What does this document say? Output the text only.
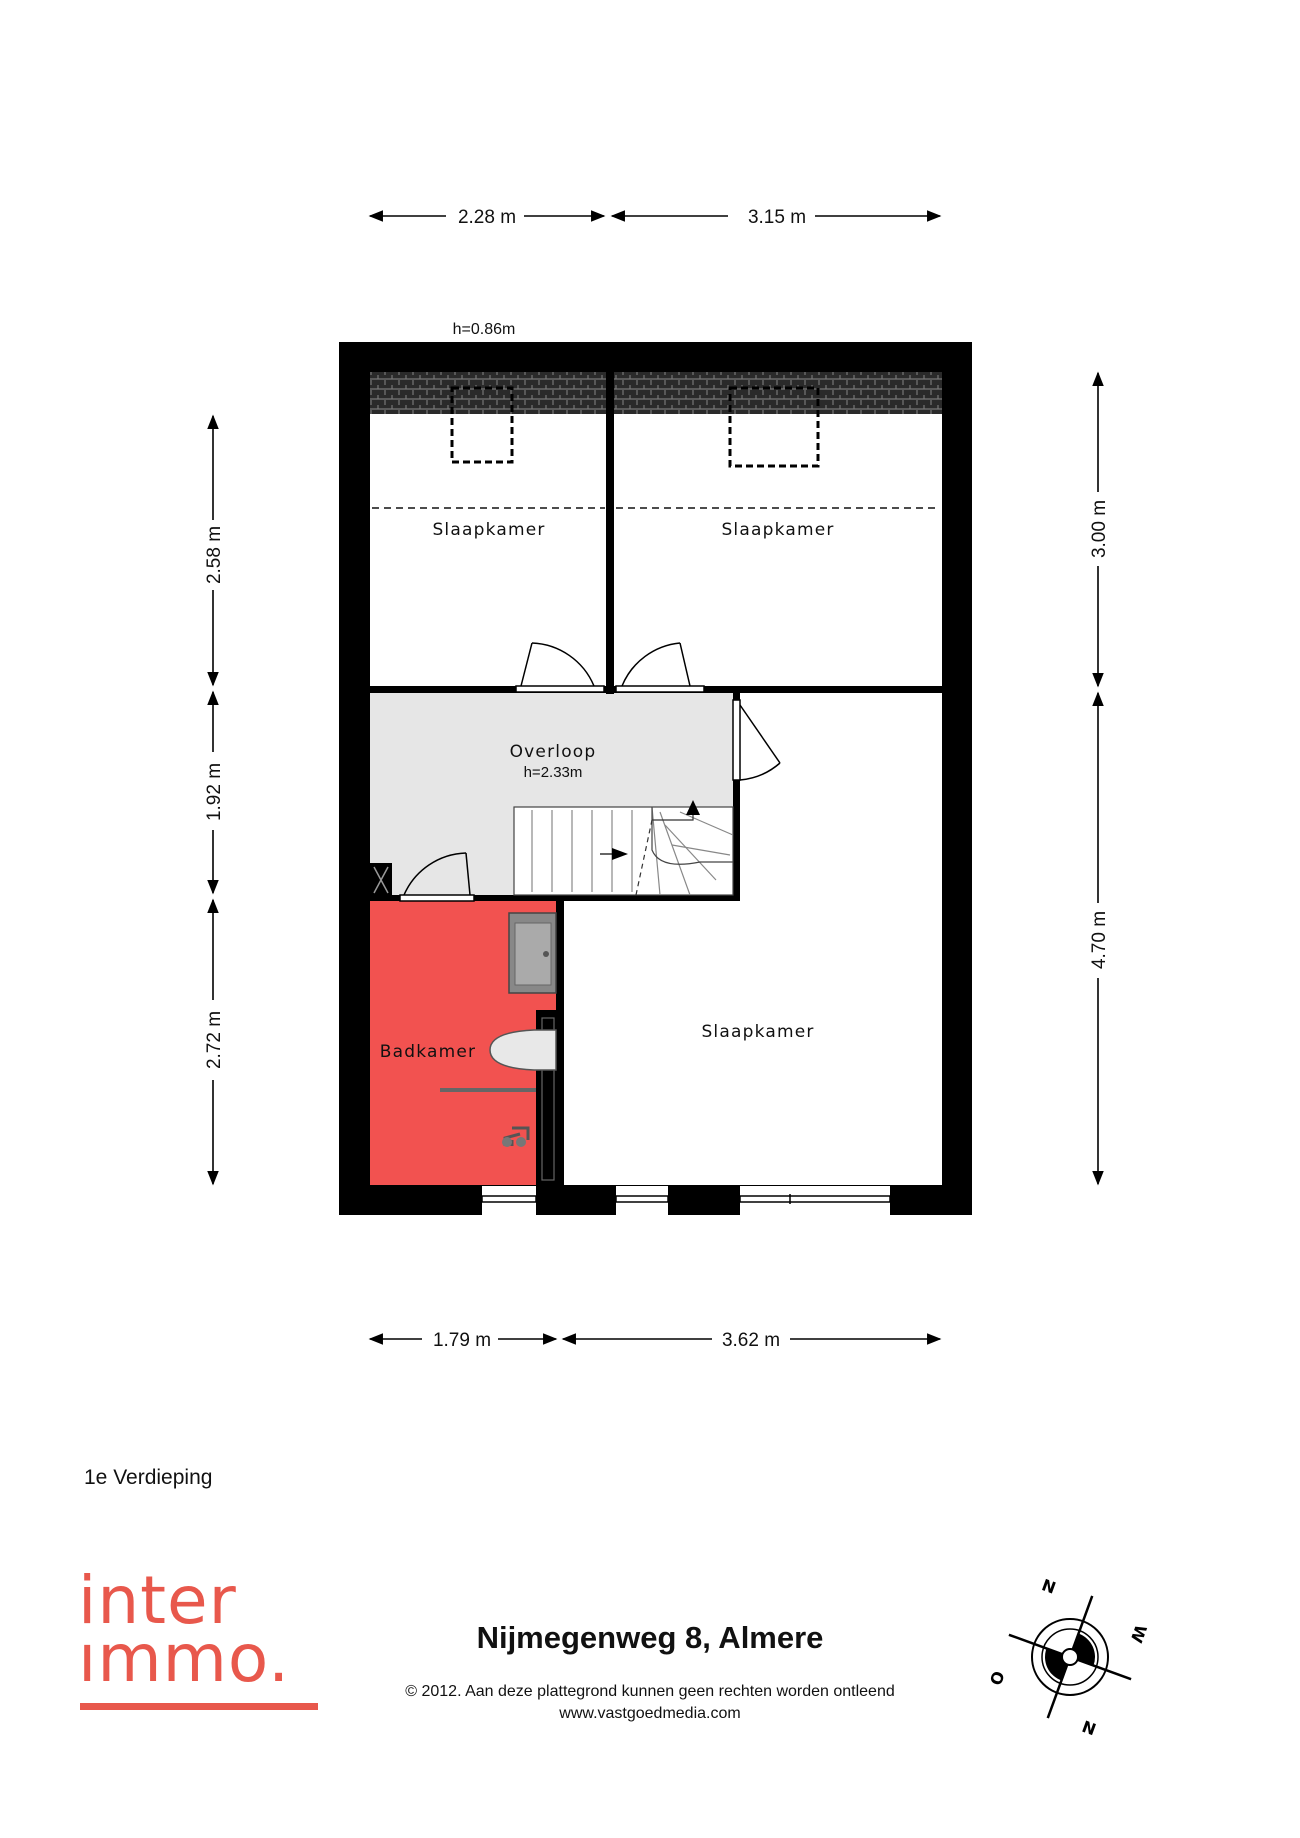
2.28 m	3.15 m
1.79 m	3.62 m
2.58 m
1.92 m
2.72 m
3.00 m
4.70 m
h=0.86m
Slaapkamer	Slaapkamer
Overloop
Slaapkamer
Badkamer
h=2.33m
1e Verdieping
inter
ımmo.	Nijmegenweg 8, Almere
© 2012. Aan deze plattegrond kunnen geen rechten worden ontleend
www.vastgoedmedia.com
N
W
O
N
